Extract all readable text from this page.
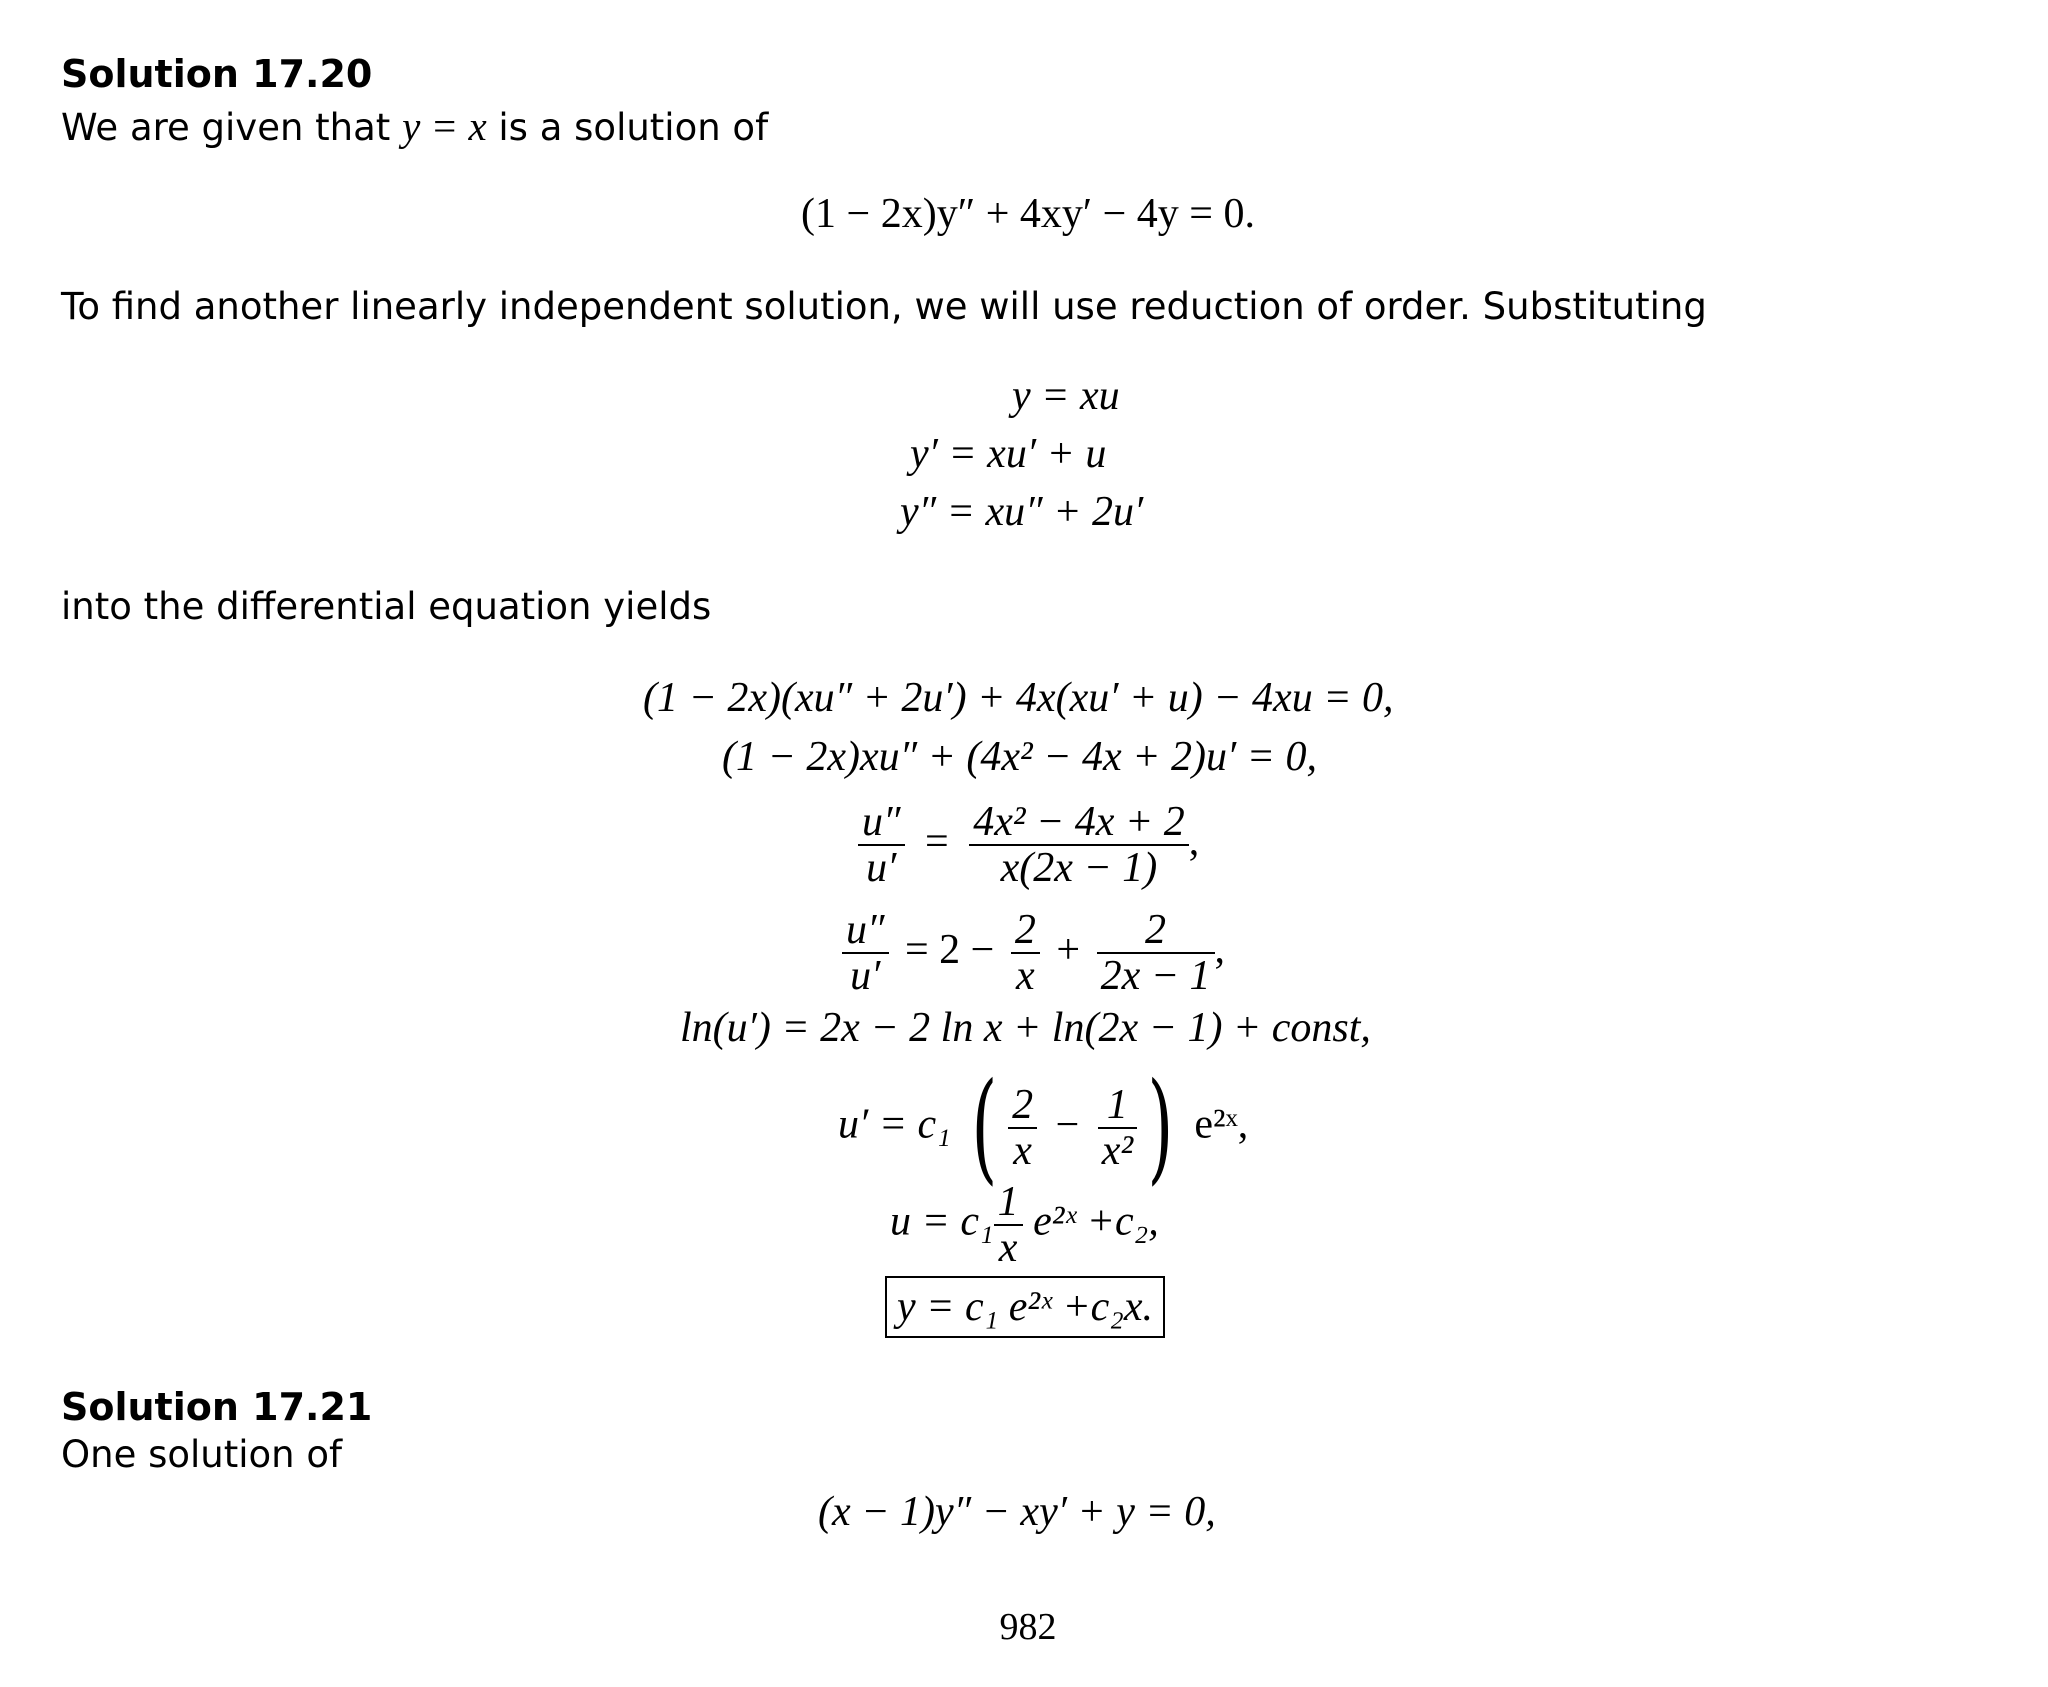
Solution 17.20
We are given that y = x is a solution of
(1 − 2x)y″ + 4xy′ − 4y = 0.
To find another linearly independent solution, we will use reduction of order. Substituting
y = xu
y′ = xu′ + u
y″ = xu″ + 2u′
into the differential equation yields
(1 − 2x)(xu″ + 2u′) + 4x(xu′ + u) − 4xu = 0,
(1 − 2x)xu″ + (4x² − 4x + 2)u′ = 0,
$\frac{u''}{u'} = \frac{\text{4x² − 4x + 2}}{x(2x - 1)}$ ,
$\frac{u''}{u'} = 2 - \frac{2}{x} + \frac{2}{2x - 1}$ ,
ln(u′) = 2x − 2 ln x + ln(2x − 1) + const,
u′ = c₁ ( $\frac{2}{x} - \frac{1}{\text{x²}}$ ) e²ˣ,
$u = c_1 \frac{1}{x}$ e²ˣ +c₂,
y = c₁ e²ˣ +c₂x.
Solution 17.21
One solution of
(x − 1)y″ − xy′ + y = 0,
982
